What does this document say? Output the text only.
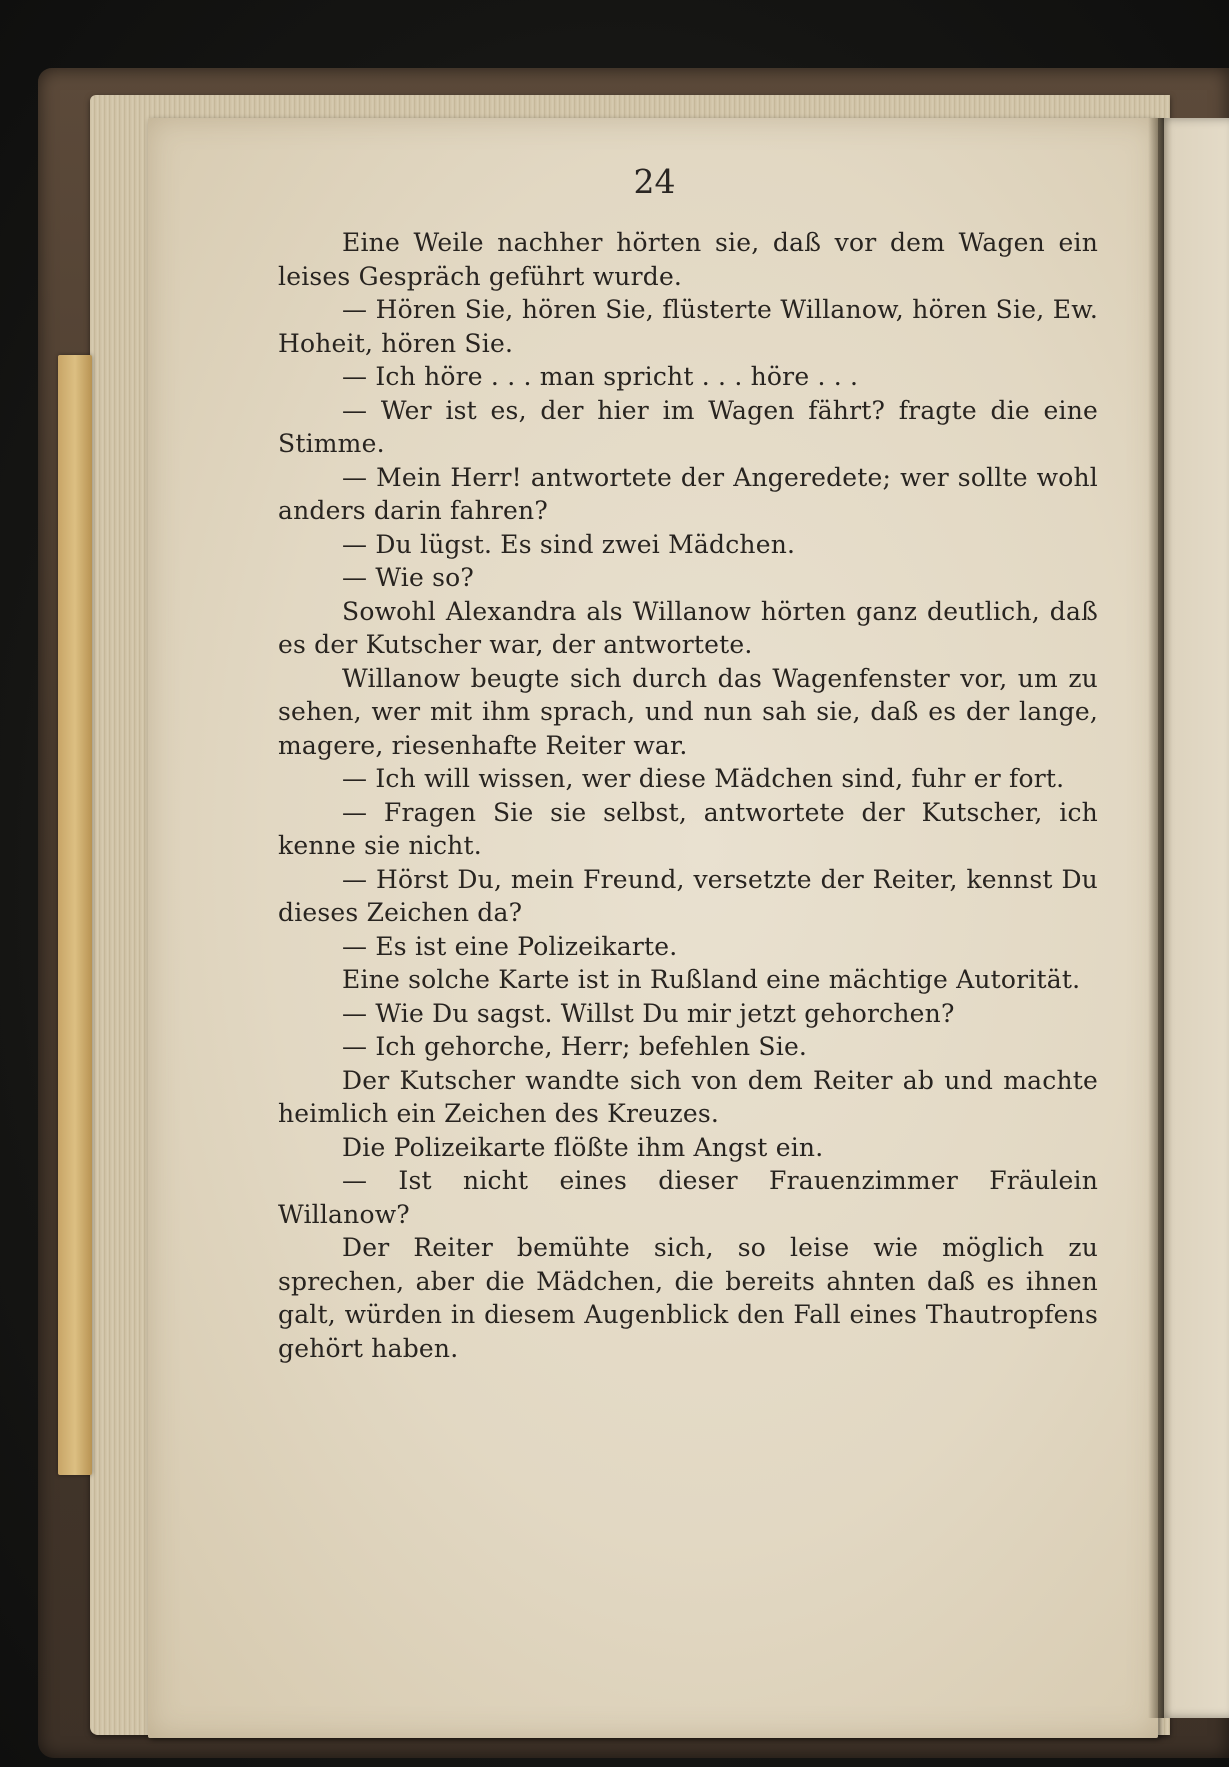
24

Eine Weile nachher hörten sie, daß vor dem Wagen ein leises Gespräch geführt wurde.

— Hören Sie, hören Sie, flüsterte Willanow, hören Sie, Ew. Hoheit, hören Sie.

— Ich höre . . . man spricht . . . höre . . .

— Wer ist es, der hier im Wagen fährt? fragte die eine Stimme.

— Mein Herr! antwortete der Angeredete; wer sollte wohl anders darin fahren?

— Du lügst. Es sind zwei Mädchen.

— Wie so?

Sowohl Alexandra als Willanow hörten ganz deutlich, daß es der Kutscher war, der antwortete.

Willanow beugte sich durch das Wagenfenster vor, um zu sehen, wer mit ihm sprach, und nun sah sie, daß es der lange, magere, riesenhafte Reiter war.

— Ich will wissen, wer diese Mädchen sind, fuhr er fort.

— Fragen Sie sie selbst, antwortete der Kutscher, ich kenne sie nicht.

— Hörst Du, mein Freund, versetzte der Reiter, kennst Du dieses Zeichen da?

— Es ist eine Polizeikarte.

Eine solche Karte ist in Rußland eine mächtige Autorität.

— Wie Du sagst. Willst Du mir jetzt gehorchen?

— Ich gehorche, Herr; befehlen Sie.

Der Kutscher wandte sich von dem Reiter ab und machte heimlich ein Zeichen des Kreuzes.

Die Polizeikarte flößte ihm Angst ein.

— Ist nicht eines dieser Frauenzimmer Fräulein Willanow?

Der Reiter bemühte sich, so leise wie möglich zu sprechen, aber die Mädchen, die bereits ahnten daß es ihnen galt, würden in diesem Augenblick den Fall eines Thautropfens gehört haben.
